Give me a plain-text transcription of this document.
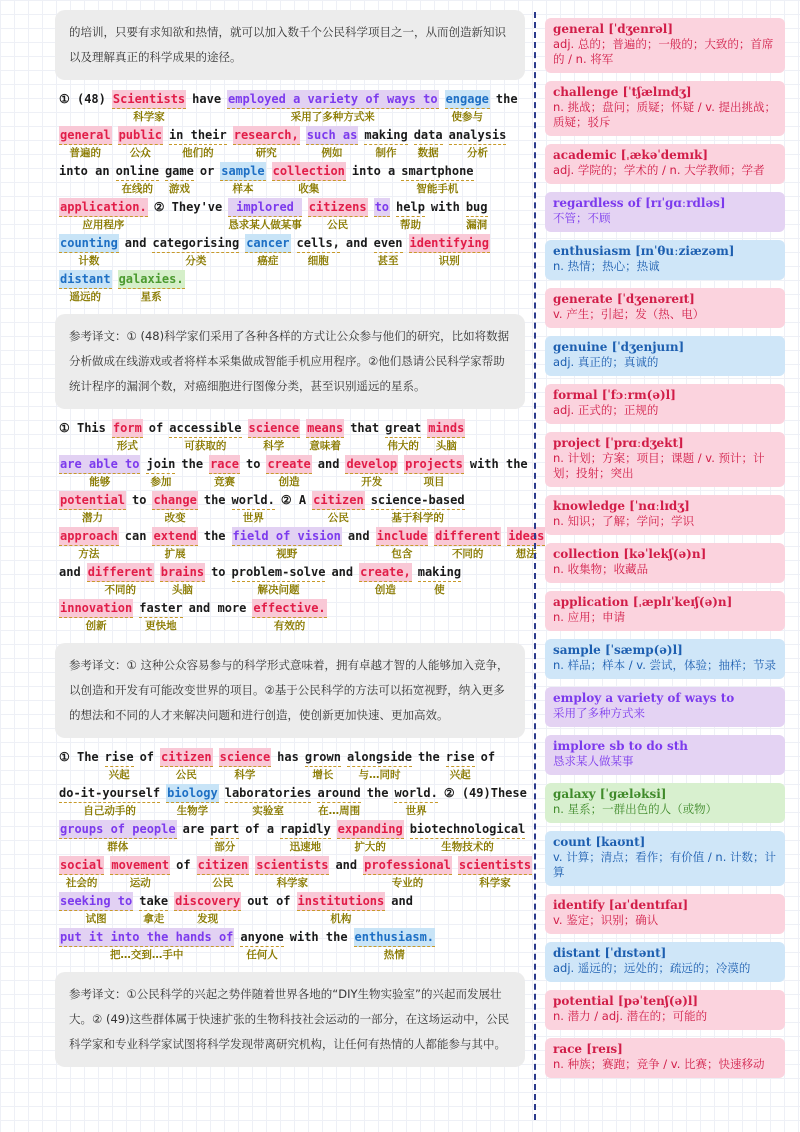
的培训，只要有求知欲和热情，就可以加入数千个公民科学项目之一，从而创造新知识以及理解真正的科学成果的途径。
① (48)
Scientists
科学家
have
employed a variety of ways to
采用了多种方式来
engage
使参与
the

general
普遍的
public
公众
in their
他们的
research,
研究
such as
例如
making
制作
data
数据
analysis
分析
into an
online
在线的
game
游戏
or
sample
样本
collection
收集
into a
smartphone
智能手机
application.
应用程序
② They've
	implored
恳求某人做某事
citizens
公民
to
help
帮助
with
bug
漏洞
counting
计数
and
categorising
分类
cancer
癌症
cells,
细胞
and
even
甚至
identifying
识别
distant
遥远的
galaxies.
星系
参考译文：① (48)科学家们采用了各种各样的方式让公众参与他们的研究，比如将数据分析做成在线游戏或者将样本采集做成智能手机应用程序。②他们恳请公民科学家帮助统计程序的漏洞个数，对癌细胞进行图像分类，甚至识别遥远的星系。
① This
form
形式
of
accessible
可获取的
science
科学
means
意味着
that
great
伟大的
minds
头脑
are able to
能够
join
参加
the
race
竞赛
to
create
创造
and
develop
开发
projects
项目
with the

potential
潜力
to
change
改变
the
world.
世界
② A
citizen
公民
science-based
基于科学的
approach
方法
can
extend
扩展
the
field of vision
视野
and
include
包含
different
不同的
ideas
想法
and
different
不同的
brains
头脑
to
problem-solve
解决问题
and
create,
创造
making
使
innovation
创新
faster
更快地
and more
effective.
有效的
参考译文：① 这种公众容易参与的科学形式意味着，拥有卓越才智的人能够加入竞争，以创造和开发有可能改变世界的项目。②基于公民科学的方法可以拓宽视野，纳入更多的想法和不同的人才来解决问题和进行创造，使创新更加快速、更加高效。
① The
rise
兴起
of
citizen
公民
science
科学
has
grown
增长
alongside
与…同时
the
rise
兴起
of

do-it-yourself
自己动手的
biology
生物学
laboratories
实验室
around
在…周围
the
world.
世界
② (49)These

groups of people
群体
are
part
部分
of a
rapidly
迅速地
expanding
扩大的
biotechnological
生物技术的
social
社会的
movement
运动
of
citizen
公民
scientists
科学家
and
professional
专业的
scientists
科学家
seeking to
试图
take
拿走
discovery
发现
out of
institutions
机构
and

put it into the hands of
把…交到…手中
anyone
任何人
with the
enthusiasm.
热情
参考译文：①公民科学的兴起之势伴随着世界各地的“DIY生物实验室”的兴起而发展壮大。② (49)这些群体属于快速扩张的生物科技社会运动的一部分，在这场运动中，公民科学家和专业科学家试图将科学发现带离研究机构，让任何有热情的人都能参与其中。
general [ˈdʒenrəl]
adj. 总的；普遍的；一般的；大致的；首席的 / n. 将军
challenge [ˈtʃælɪndʒ]
n. 挑战；盘问；质疑；怀疑 / v. 提出挑战；质疑；驳斥
academic [ˌækəˈdemɪk]
adj. 学院的；学术的 / n. 大学教师；学者
regardless of [rɪˈɡɑːrdləs]
不管；不顾
enthusiasm [ɪnˈθuːziæzəm]
n. 热情；热心；热诚
generate [ˈdʒenəreɪt]
v. 产生；引起；发（热、电）
genuine [ˈdʒenjuɪn]
adj. 真正的；真诚的
formal [ˈfɔːrm(ə)l]
adj. 正式的；正规的
project [ˈprɑːdʒekt]
n. 计划；方案；项目；课题 / v. 预计；计划；投射；突出
knowledge [ˈnɑːlɪdʒ]
n. 知识；了解；学问；学识
collection [kəˈlekʃ(ə)n]
n. 收集物；收藏品
application [ˌæplɪˈkeɪʃ(ə)n]
n. 应用；申请
sample [ˈsæmp(ə)l]
n. 样品；样本 / v. 尝试，体验；抽样；节录
employ a variety of ways to
采用了多种方式来
implore sb to do sth
恳求某人做某事
galaxy [ˈɡæləksi]
n. 星系；一群出色的人（或物）
count [kaʊnt]
v. 计算；清点；看作；有价值 / n. 计数；计算
identify [aɪˈdentɪfaɪ]
v. 鉴定；识别；确认
distant [ˈdɪstənt]
adj. 遥远的；远处的；疏远的；冷漠的
potential [pəˈtenʃ(ə)l]
n. 潜力 / adj. 潜在的；可能的
race [reɪs]
n. 种族；赛跑；竞争 / v. 比赛；快速移动
